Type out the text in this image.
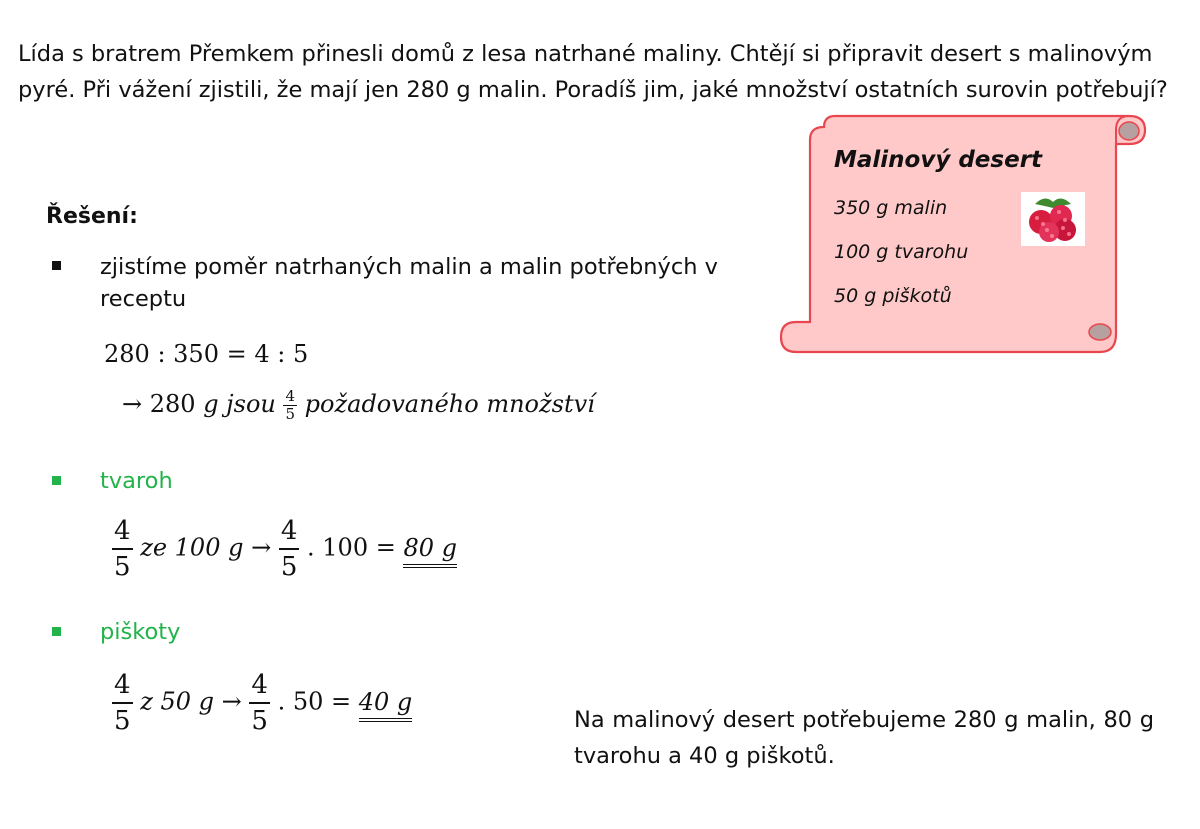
Lída s bratrem Přemkem přinesli domů z lesa natrhané maliny. Chtějí si připravit desert s malinovým pyré. Při vážení zjistili, že mají jen 280 g malin. Poradíš jim, jaké množství ostatních surovin potřebují?
Malinový desert
350 g malin
100 g tvarohu
50 g piškotů
Řešení:
zjistíme poměr natrhaných malin a malin potřebných v receptu
280 : 350 = 4 : 5
→ 280 g jsou $\frac{4}{5}$ požadovaného množství
tvaroh
$\frac{4}{5}$ ze 100 $g \to \frac{4}{5}$ . 100 = 80 g
piškoty
$\frac{4}{5}$ z 50 $g \to \frac{4}{5}$ . 50 = 40 g
Na malinový desert potřebujeme 280 g malin, 80 g tvarohu a 40 g piškotů.
